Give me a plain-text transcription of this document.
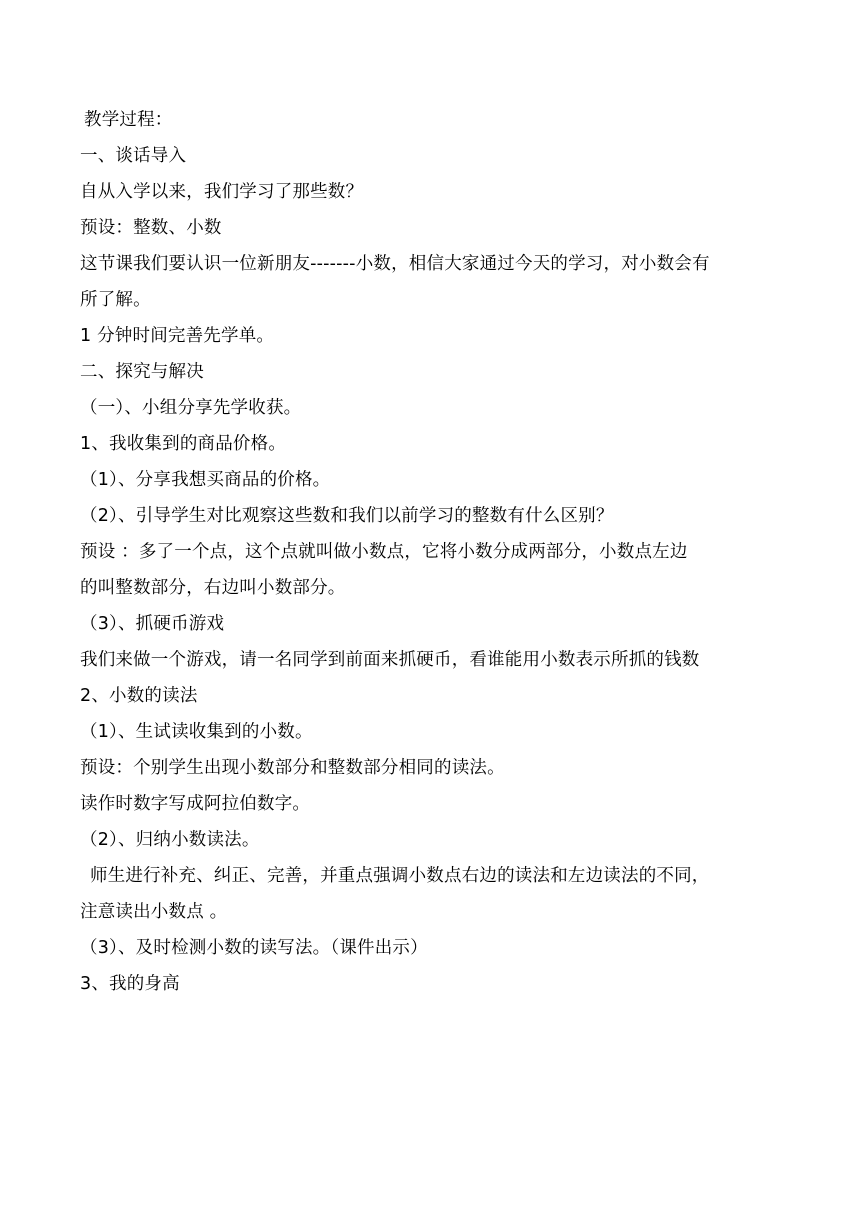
教学过程：
一、谈话导入
自从入学以来，我们学习了那些数？
预设：整数、小数
这节课我们要认识一位新朋友-------小数，相信大家通过今天的学习，对小数会有
所了解。
1 分钟时间完善先学单。
二、探究与解决
（一）、小组分享先学收获。
1、我收集到的商品价格。
（1）、分享我想买商品的价格。
（2）、引导学生对比观察这些数和我们以前学习的整数有什么区别？
预设 ：多了一个点，这个点就叫做小数点，它将小数分成两部分，小数点左边
的叫整数部分，右边叫小数部分。
（3）、抓硬币游戏
我们来做一个游戏，请一名同学到前面来抓硬币，看谁能用小数表示所抓的钱数
2、小数的读法
（1）、生试读收集到的小数。
预设：个别学生出现小数部分和整数部分相同的读法。
读作时数字写成阿拉伯数字。
（2）、归纳小数读法。
师生进行补充、纠正、完善，并重点强调小数点右边的读法和左边读法的不同，
注意读出小数点 。
（3）、及时检测小数的读写法。（课件出示）
3、我的身高
